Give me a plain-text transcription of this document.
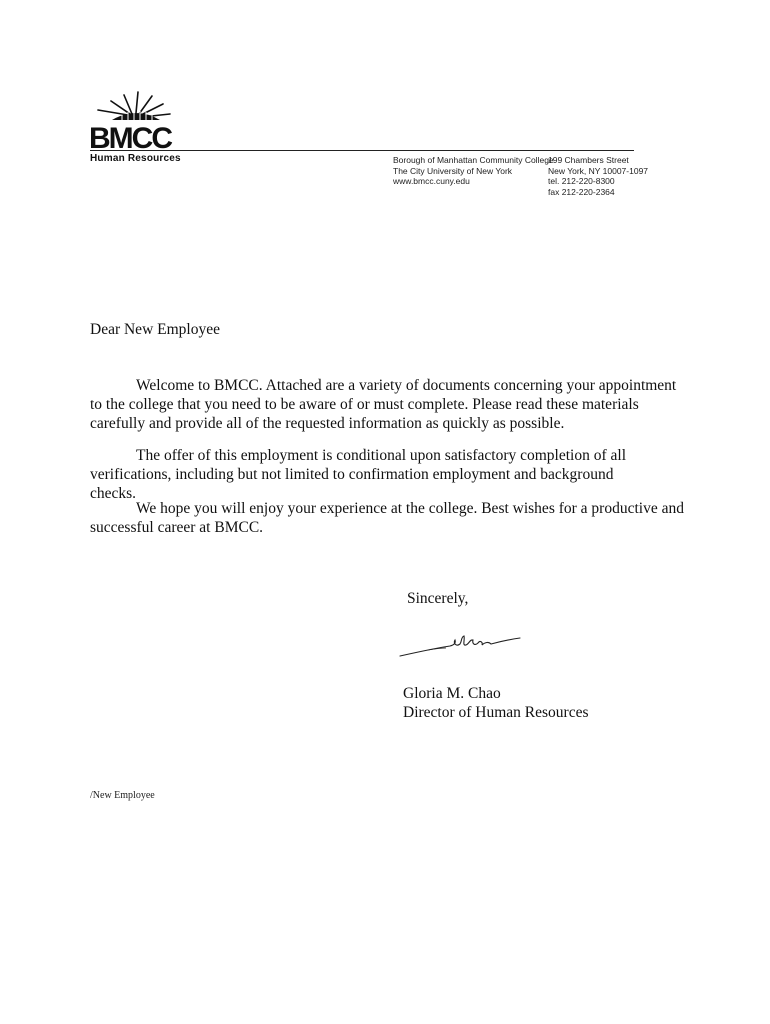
BMCC
Human Resources	Borough of Manhattan Community College
The City University of New York
www.bmcc.cuny.edu
199 Chambers Street
New York, NY 10007-1097
tel. 212-220-8300
fax 212-220-2364
Dear New Employee

Welcome to BMCC. Attached are a variety of documents concerning your appointment to the college that you need to be aware of or must complete. Please read these materials carefully and provide all of the requested information as quickly as possible.

The offer of this employment is conditional upon satisfactory completion of all verifications, including but not limited to confirmation employment and background checks.

We hope you will enjoy your experience at the college. Best wishes for a productive and successful career at BMCC.

Sincerely,
Gloria M. Chao
Director of Human Resources
/New Employee
